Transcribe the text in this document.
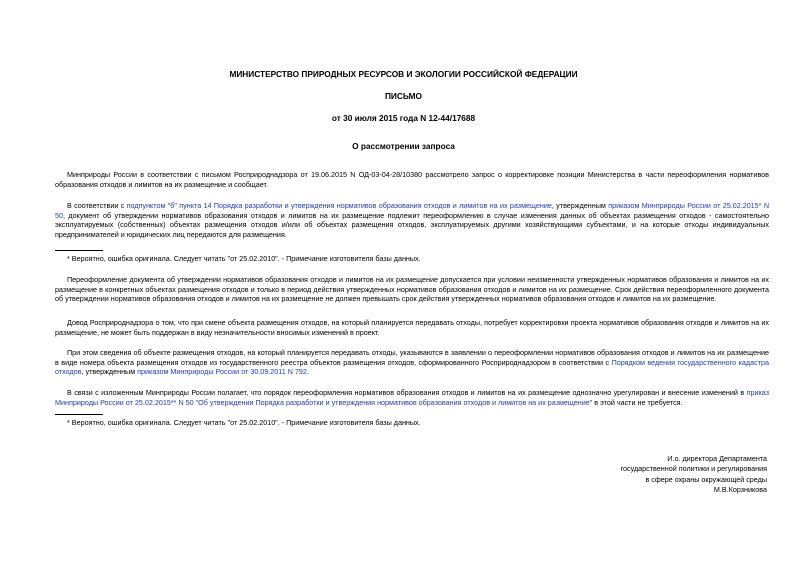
МИНИСТЕРСТВО ПРИРОДНЫХ РЕСУРСОВ И ЭКОЛОГИИ РОССИЙСКОЙ ФЕДЕРАЦИИ
ПИСЬМО
от 30 июля 2015 года N 12-44/17688
О рассмотрении запроса
Минприроды России в соответствии с письмом Росприроднадзора от 19.06.2015 N ОД-03-04-28/10380 рассмотрело запрос о корректировке позиции Министерства в части переоформления нормативов образования отходов и лимитов на их размещение и сообщает.
В соответствии с подпунктом "б" пункта 14 Порядка разработки и утверждения нормативов образования отходов и лимитов на их размещение, утвержденным приказом Минприроды России от 25.02.2015* N 50, документ об утверждении нормативов образования отходов и лимитов на их размещение подлежит переоформлению в случае изменения данных об объектах размещения отходов - самостоятельно эксплуатируемых (собственных) объектах размещения отходов и/или об объектах размещения отходов, эксплуатируемых другими хозяйствующими субъектами, и на которые отходы индивидуальных предпринимателей и юридических лиц передаются для размещения.
* Вероятно, ошибка оригинала. Следует читать "от 25.02.2010". - Примечание изготовителя базы данных.
Переоформление документа об утверждении нормативов образования отходов и лимитов на их размещение допускается при условии неизменности утвержденных нормативов образования и лимитов на их размещение в конкретных объектах размещения отходов и только в период действия утвержденных нормативов образования отходов и лимитов на их размещение. Срок действия переоформленного документа об утверждении нормативов образования отходов и лимитов на их размещение не должен превышать срок действия утвержденных нормативов образования отходов и лимитов на их размещение.
Довод Росприроднадзора о том, что при смене объекта размещения отходов, на который планируется передавать отходы, потребует корректировки проекта нормативов образования отходов и лимитов на их размещение, не может быть поддержан в виду незначительности вносимых изменений в проект.
При этом сведения об объекте размещения отходов, на который планируется передавать отходы, указываются в заявлении о переоформлении нормативов образования отходов и лимитов на их размещение в виде номера объекта размещения отходов из государственного реестра объектов размещения отходов, сформированного Росприроднадзором в соответствии с Порядком ведения государственного кадастра отходов, утвержденным приказом Минприроды России от 30.09.2011 N 792.
В связи с изложенным Минприроды России полагает, что порядок переоформления нормативов образования отходов и лимитов на их размещение однозначно урегулирован и внесение изменений в приказ Минприроды России от 25.02.2015** N 50 "Об утверждении Порядка разработки и утверждения нормативов образования отходов и лимитов на их размещение" в этой части не требуется.
* Вероятно, ошибка оригинала. Следует читать "от 25.02.2010". - Примечание изготовителя базы данных.
И.о. директора Департамента
государственной политики и регулирования
в сфере охраны окружающей среды
М.В.Корзникова
